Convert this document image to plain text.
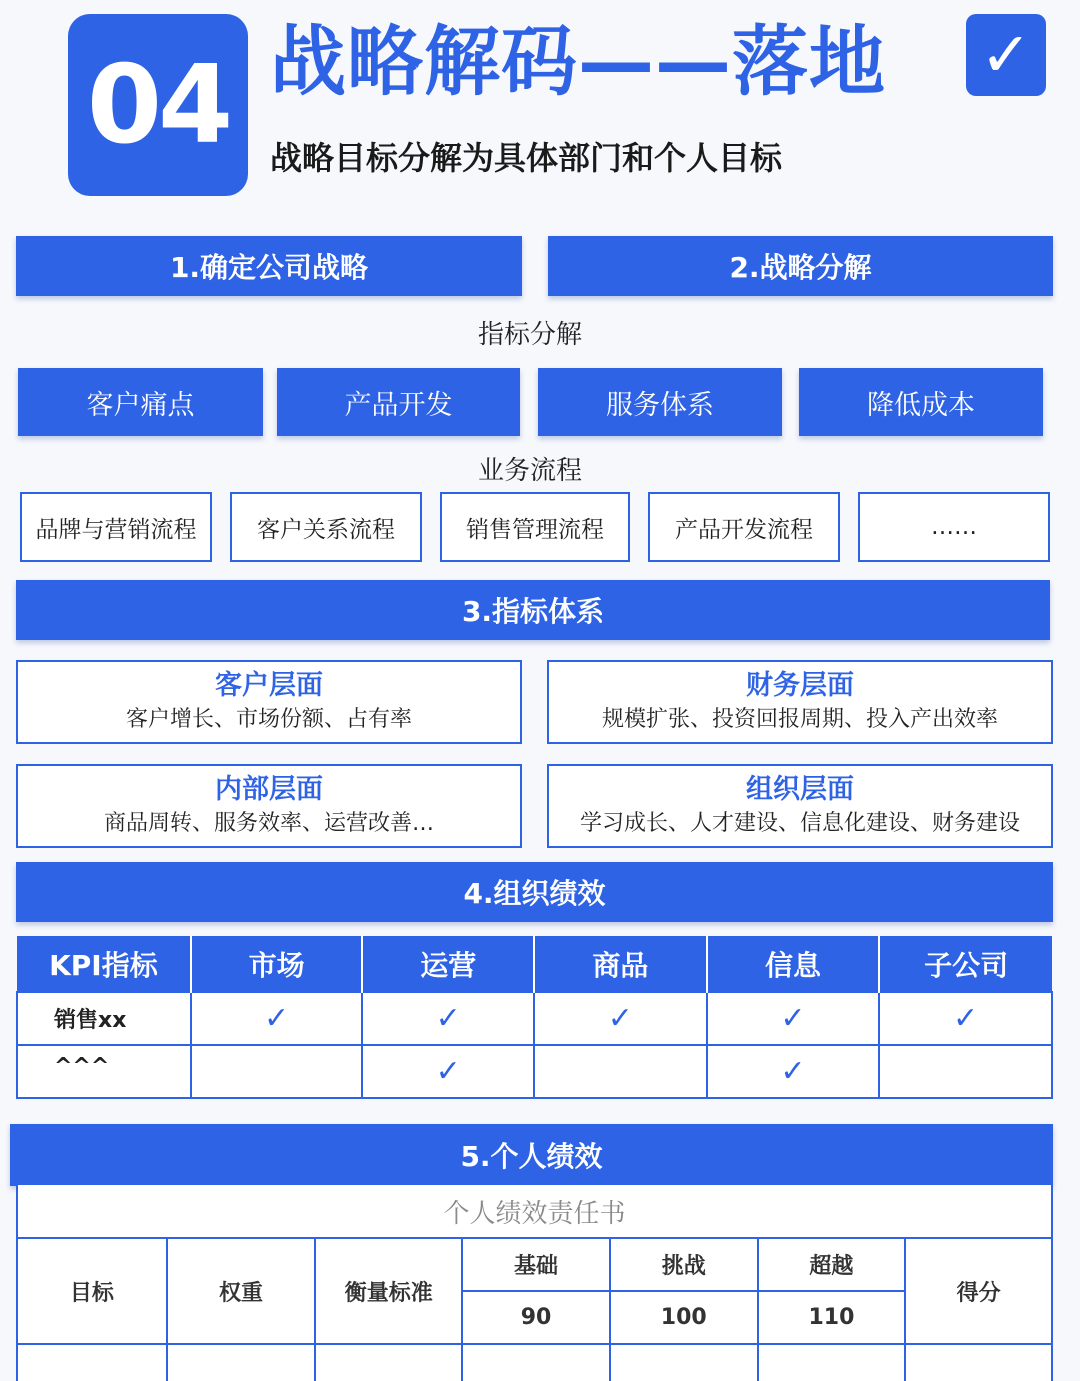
04 战略解码——落地
战略目标分解为具体部门和个人目标
✓
1.确定公司战略	2.战略分解
指标分解
客户痛点	产品开发	服务体系	降低成本
业务流程
品牌与营销流程	客户关系流程	销售管理流程	产品开发流程	……
3.指标体系
客户层面
客户增长、市场份额、占有率
财务层面
规模扩张、投资回报周期、投入产出效率
内部层面
商品周转、服务效率、运营改善…
组织层面
学习成长、人才建设、信息化建设、财务建设
4.组织绩效
KPI指标	市场	运营	商品	信息	子公司
销售xx	✓	✓	✓	✓	✓
^^^		✓		✓	
5.个人绩效
个人绩效责任书
目标	权重	衡量标准	基础	挑战	超越	得分
			90	100	110	
